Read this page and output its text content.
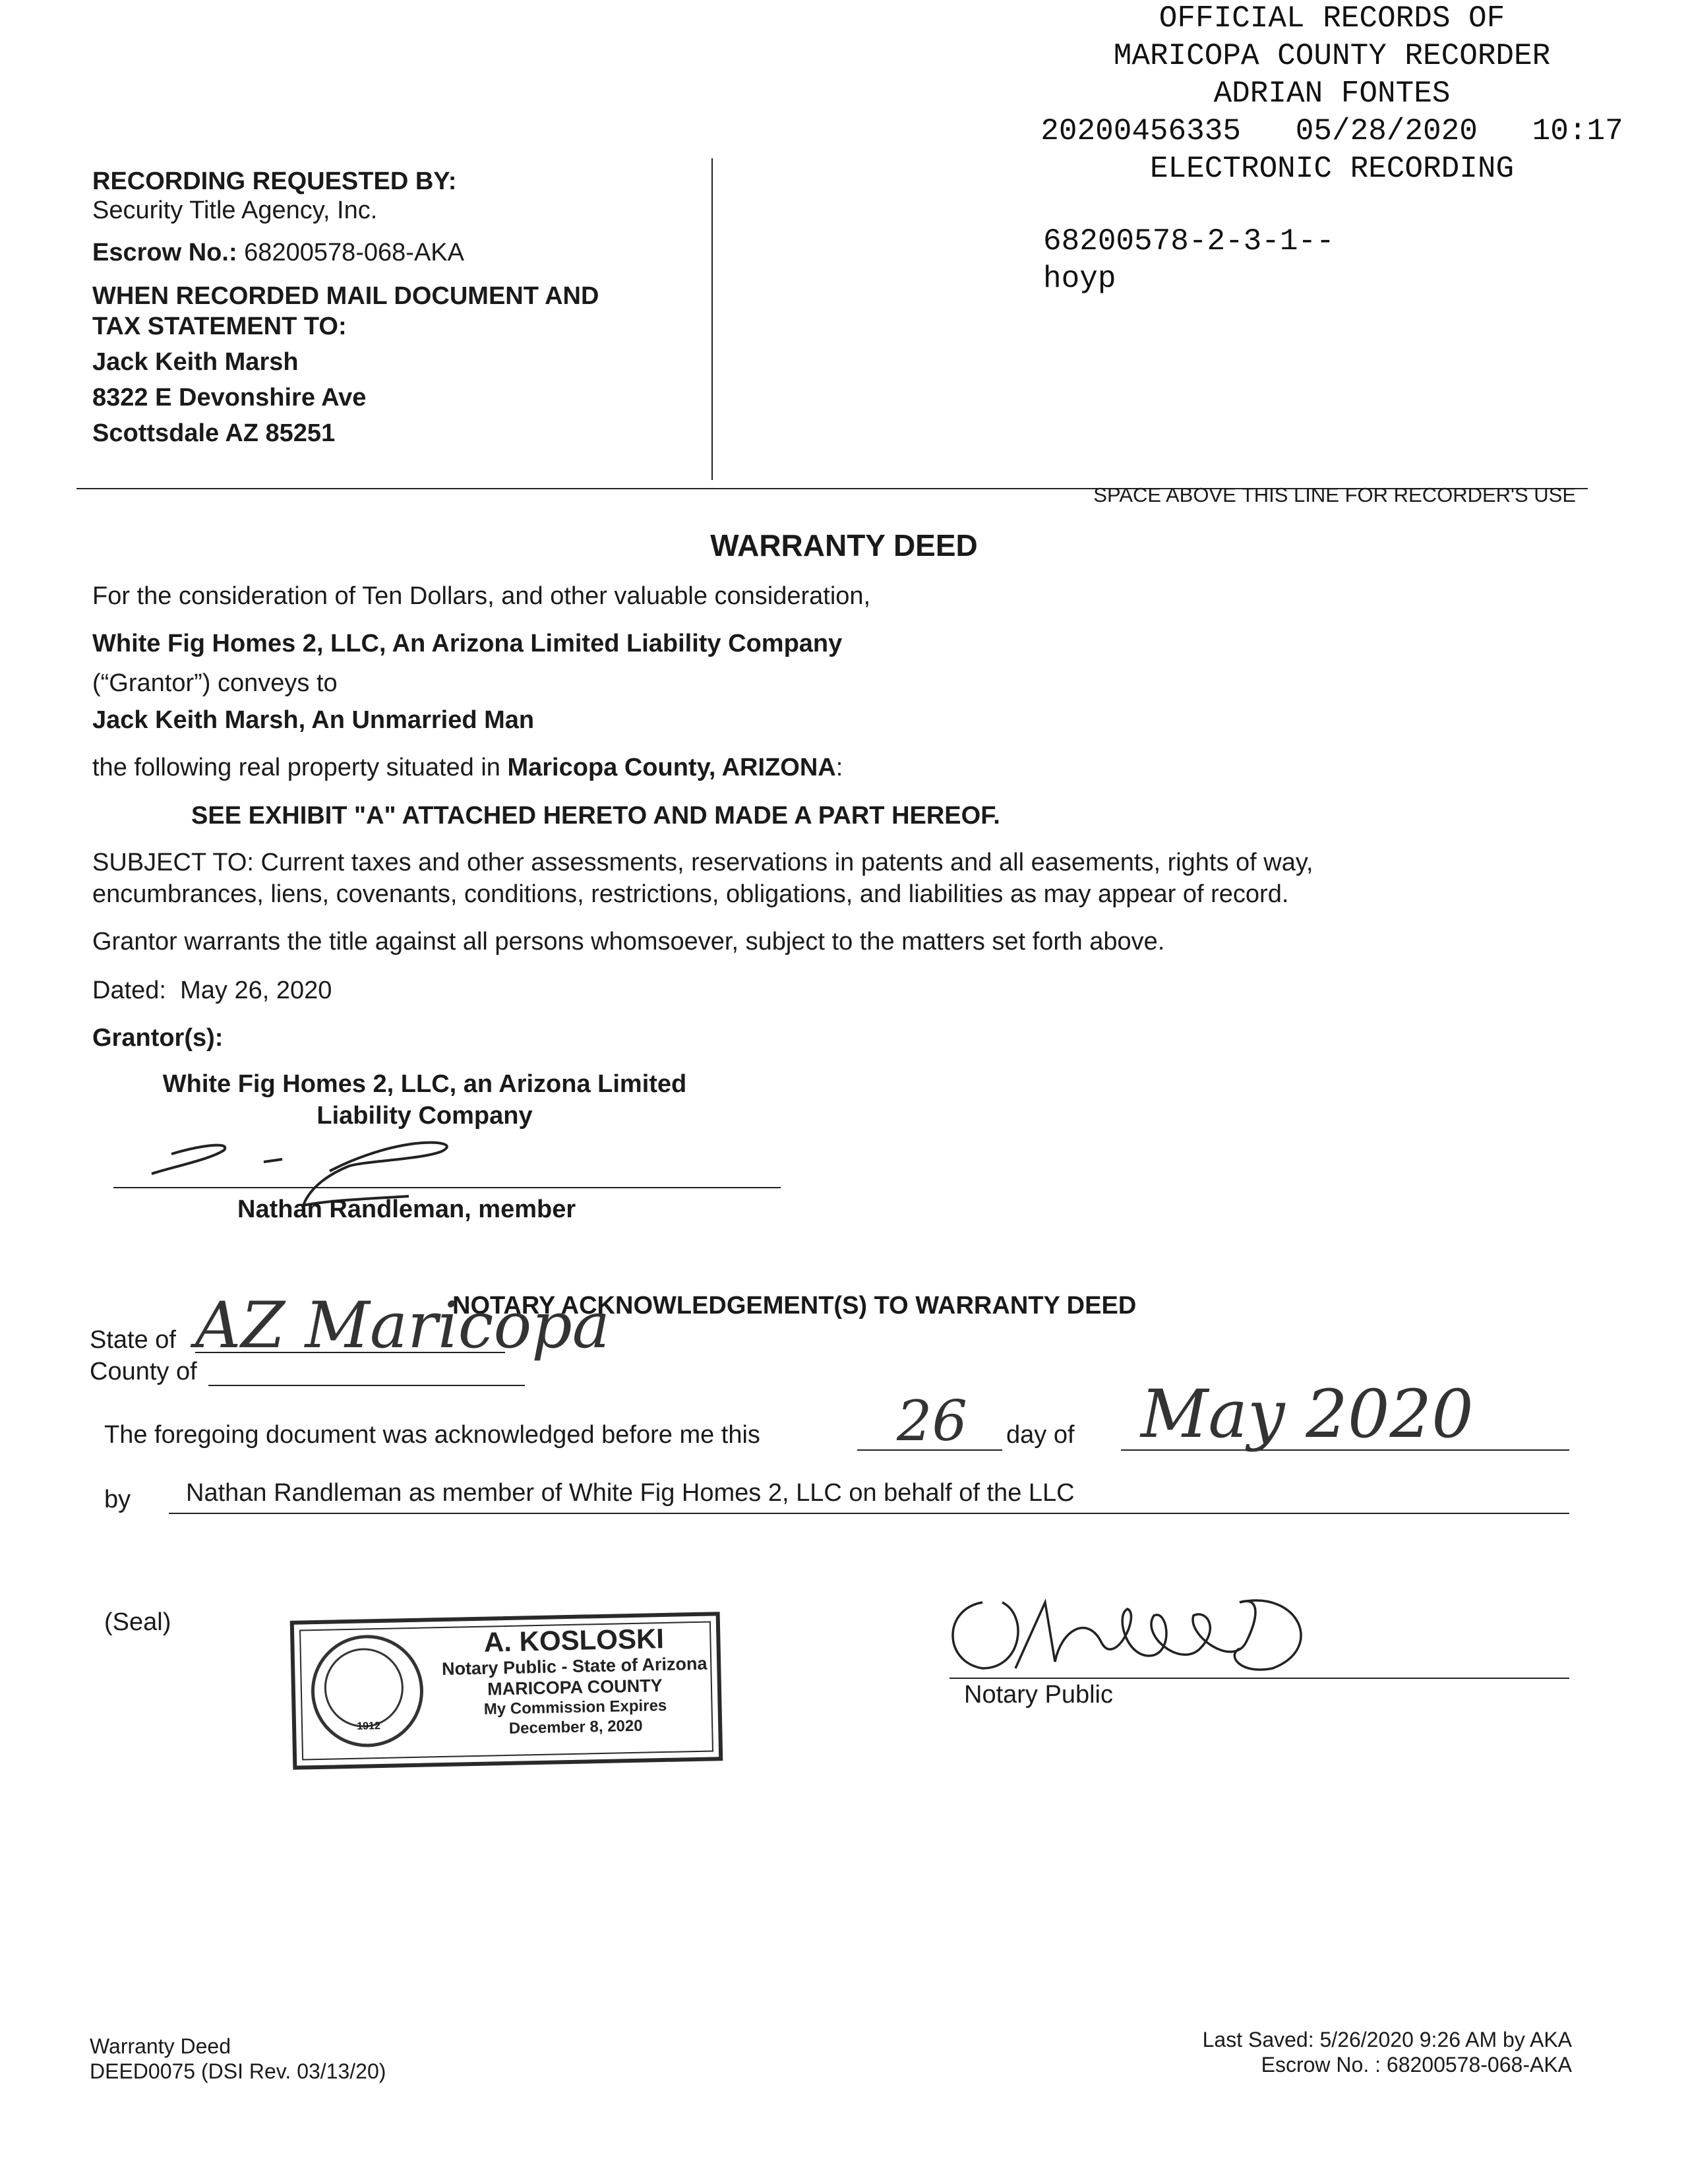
OFFICIAL RECORDS OF
MARICOPA COUNTY RECORDER
ADRIAN FONTES
20200456335 05/28/2020 10:17
ELECTRONIC RECORDING
68200578-2-3-1--
hoyp
RECORDING REQUESTED BY:
Security Title Agency, Inc.
Escrow No.: 68200578-068-AKA
WHEN RECORDED MAIL DOCUMENT AND
TAX STATEMENT TO:
Jack Keith Marsh
8322 E Devonshire Ave
Scottsdale AZ 85251
SPACE ABOVE THIS LINE FOR RECORDER'S USE
WARRANTY DEED
For the consideration of Ten Dollars, and other valuable consideration,
White Fig Homes 2, LLC, An Arizona Limited Liability Company
(“Grantor”) conveys to
Jack Keith Marsh, An Unmarried Man
the following real property situated in Maricopa County, ARIZONA:
SEE EXHIBIT "A" ATTACHED HERETO AND MADE A PART HEREOF.
SUBJECT TO: Current taxes and other assessments, reservations in patents and all easements, rights of way,
encumbrances, liens, covenants, conditions, restrictions, obligations, and liabilities as may appear of record.
Grantor warrants the title against all persons whomsoever, subject to the matters set forth above.
Dated: May 26, 2020
Grantor(s):
White Fig Homes 2, LLC, an Arizona Limited
Liability Company
Nathan Randleman, member
NOTARY ACKNOWLEDGEMENT(S) TO WARRANTY DEED
State of
County of
AZ Maricopa
The foregoing document was acknowledged before me this 26 day of May 2020
by Nathan Randleman as member of White Fig Homes 2, LLC on behalf of the LLC
(Seal)
1912
A. KOSLOSKI
Notary Public - State of Arizona
MARICOPA COUNTY
My Commission Expires
December 8, 2020
Notary Public
Warranty Deed
DEED0075 (DSI Rev. 03/13/20)
Last Saved: 5/26/2020 9:26 AM by AKA
Escrow No. : 68200578-068-AKA
